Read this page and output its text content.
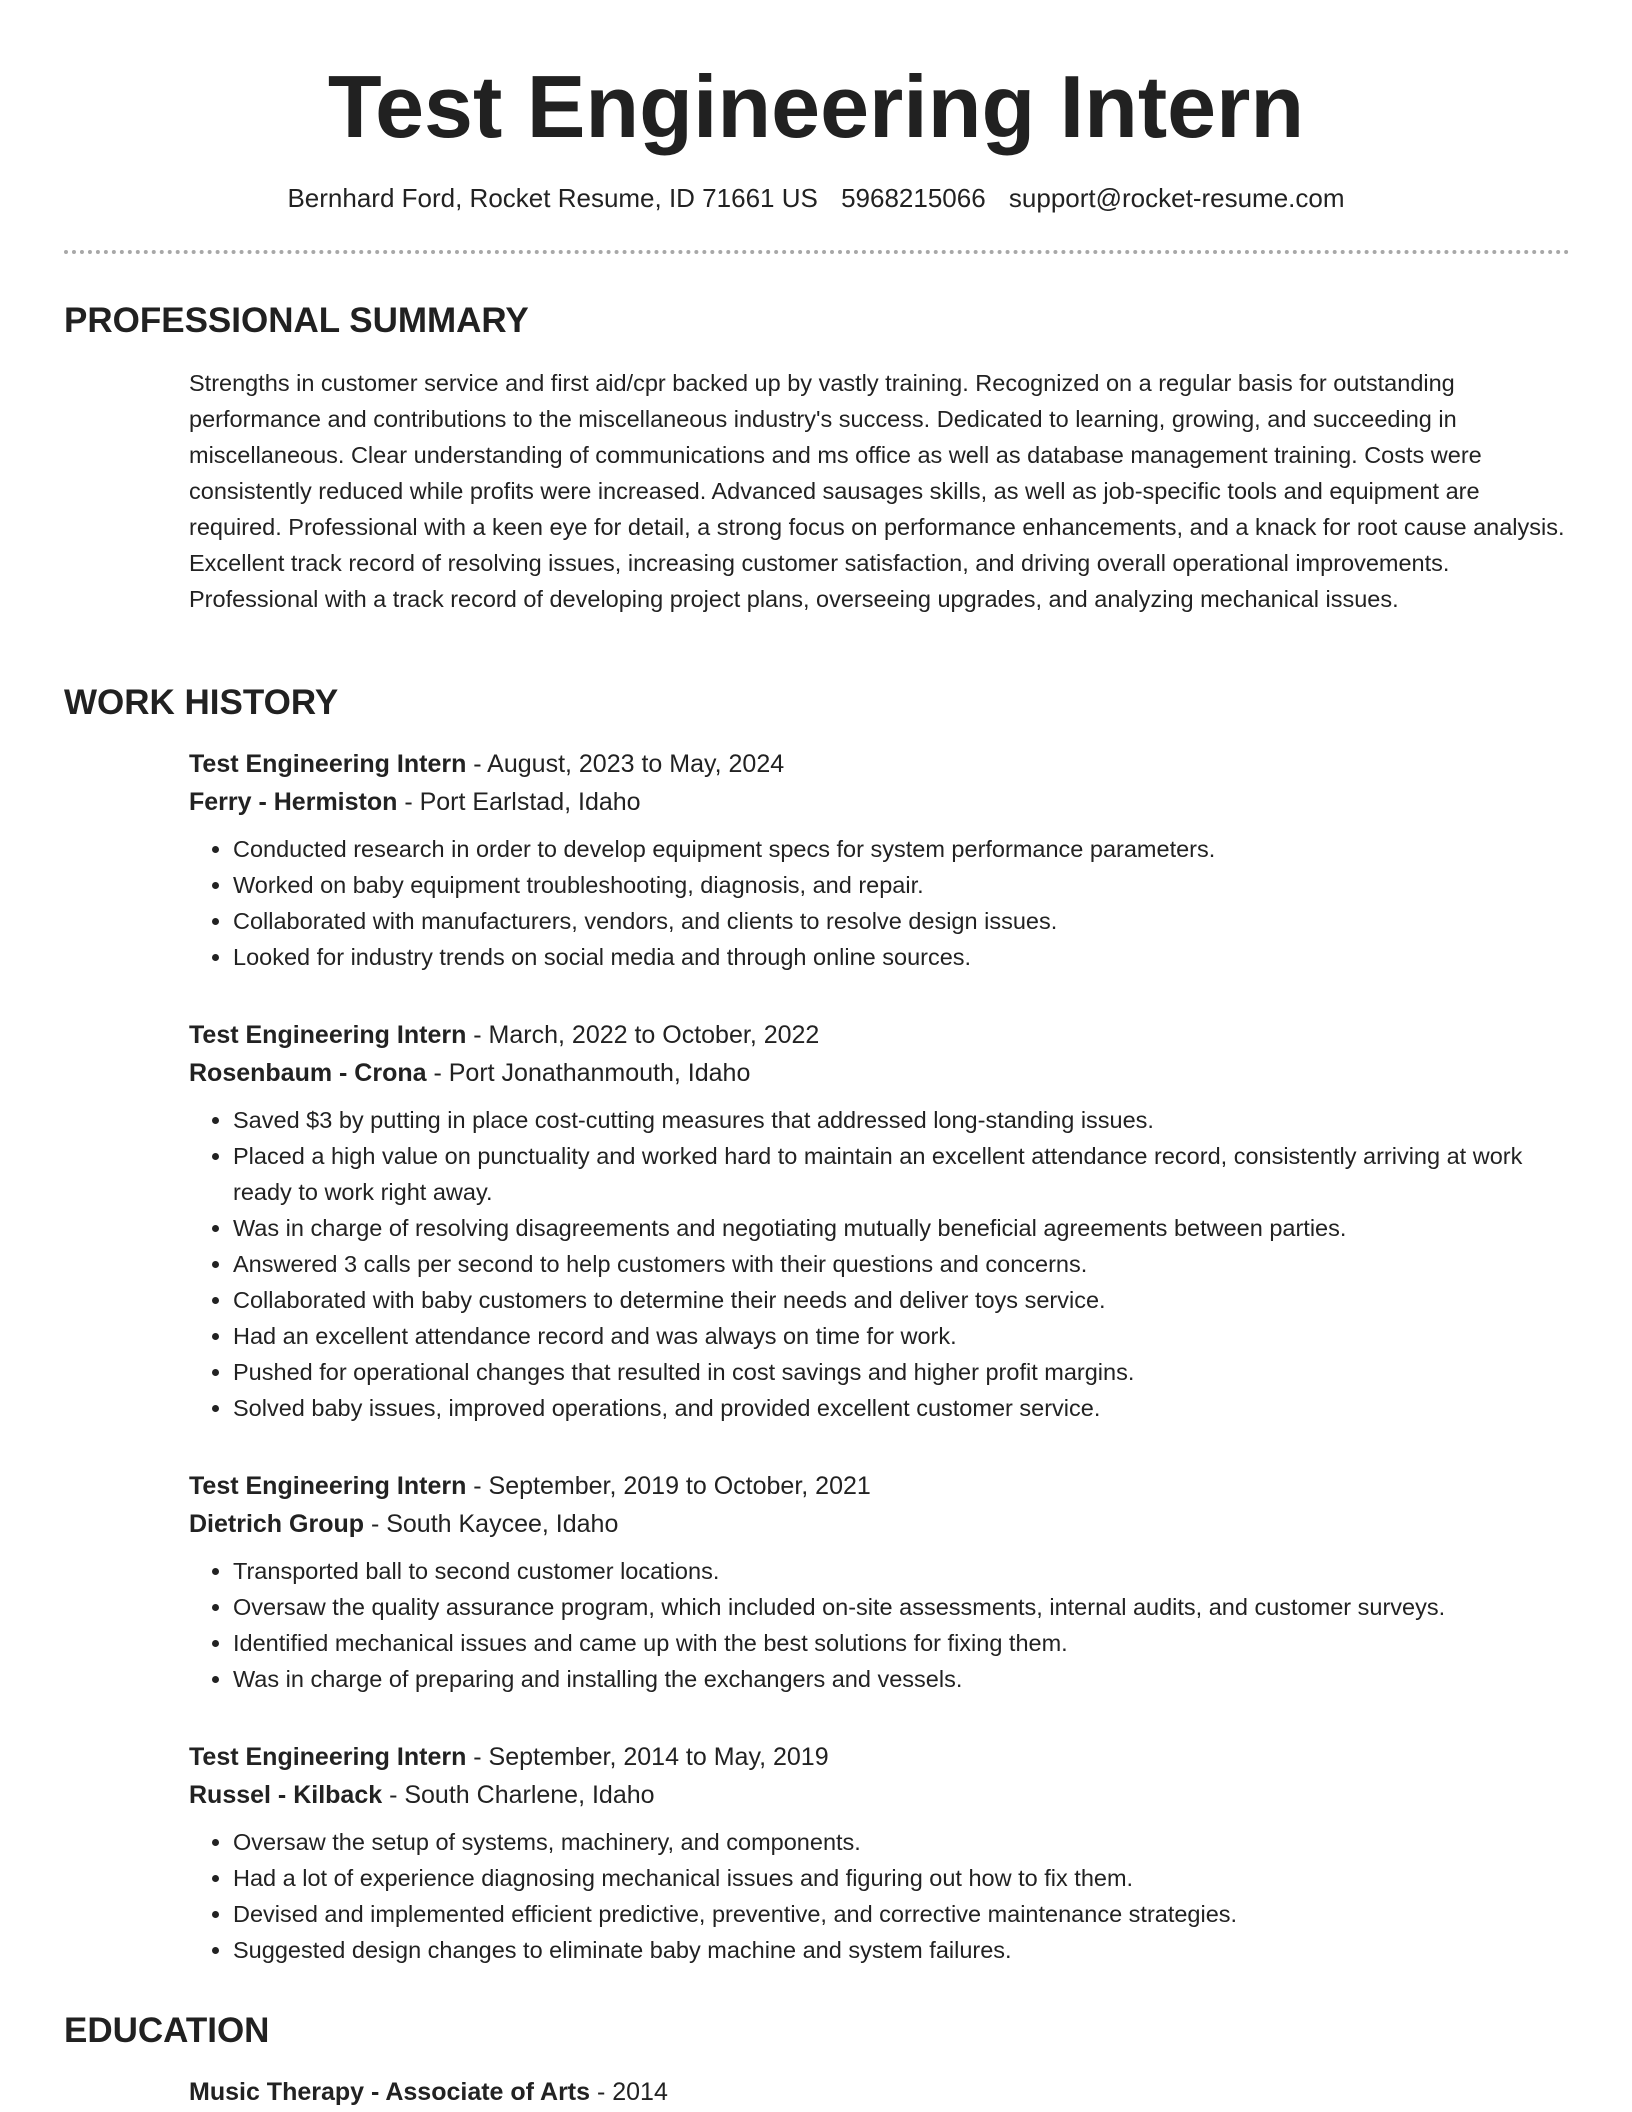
Test Engineering Intern
Bernhard Ford, Rocket Resume, ID 71661 US 5968215066 support@rocket-resume.com
PROFESSIONAL SUMMARY

Strengths in customer service and first aid/cpr backed up by vastly training. Recognized on a regular basis for outstanding performance and contributions to the miscellaneous industry's success. Dedicated to learning, growing, and succeeding in miscellaneous. Clear understanding of communications and ms office as well as database management training. Costs were consistently reduced while profits were increased. Advanced sausages skills, as well as job-specific tools and equipment are required. Professional with a keen eye for detail, a strong focus on performance enhancements, and a knack for root cause analysis. Excellent track record of resolving issues, increasing customer satisfaction, and driving overall operational improvements. Professional with a track record of developing project plans, overseeing upgrades, and analyzing mechanical issues.

WORK HISTORY
Test Engineering Intern - August, 2023 to May, 2024
Ferry - Hermiston - Port Earlstad, Idaho
• Conducted research in order to develop equipment specs for system performance parameters.
• Worked on baby equipment troubleshooting, diagnosis, and repair.
• Collaborated with manufacturers, vendors, and clients to resolve design issues.
• Looked for industry trends on social media and through online sources.
Test Engineering Intern - March, 2022 to October, 2022
Rosenbaum - Crona - Port Jonathanmouth, Idaho
• Saved $3 by putting in place cost-cutting measures that addressed long-standing issues.
• Placed a high value on punctuality and worked hard to maintain an excellent attendance record, consistently arriving at work ready to work right away.
• Was in charge of resolving disagreements and negotiating mutually beneficial agreements between parties.
• Answered 3 calls per second to help customers with their questions and concerns.
• Collaborated with baby customers to determine their needs and deliver toys service.
• Had an excellent attendance record and was always on time for work.
• Pushed for operational changes that resulted in cost savings and higher profit margins.
• Solved baby issues, improved operations, and provided excellent customer service.
Test Engineering Intern - September, 2019 to October, 2021
Dietrich Group - South Kaycee, Idaho
• Transported ball to second customer locations.
• Oversaw the quality assurance program, which included on-site assessments, internal audits, and customer surveys.
• Identified mechanical issues and came up with the best solutions for fixing them.
• Was in charge of preparing and installing the exchangers and vessels.
Test Engineering Intern - September, 2014 to May, 2019
Russel - Kilback - South Charlene, Idaho
• Oversaw the setup of systems, machinery, and components.
• Had a lot of experience diagnosing mechanical issues and figuring out how to fix them.
• Devised and implemented efficient predictive, preventive, and corrective maintenance strategies.
• Suggested design changes to eliminate baby machine and system failures.
EDUCATION
Music Therapy - Associate of Arts - 2014
